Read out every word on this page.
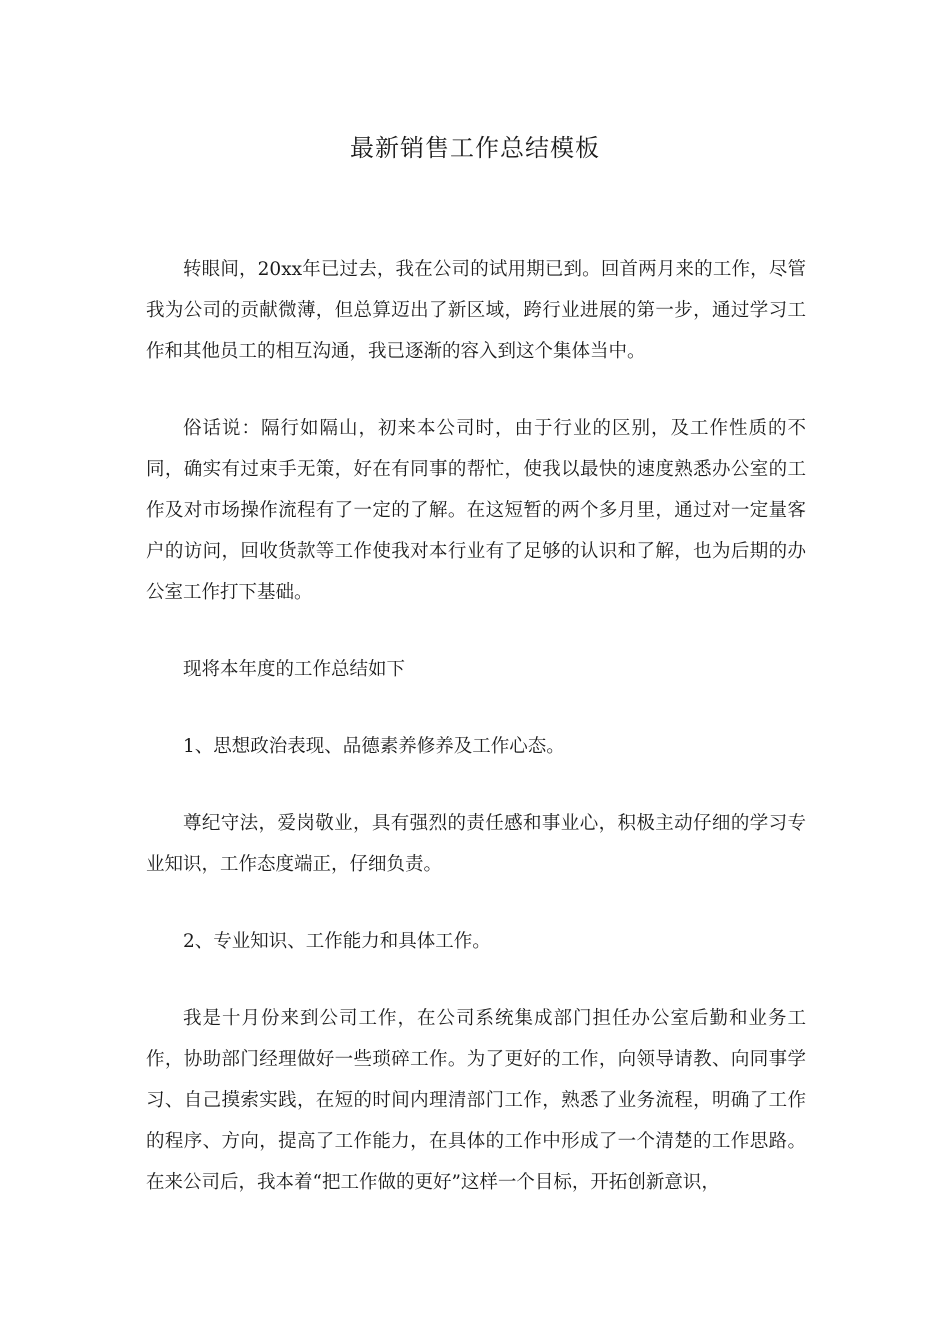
最新销售工作总结模板

转眼间，20xx年已过去，我在公司的试用期已到。回首两月来的工作，尽管我为公司的贡献微薄，但总算迈出了新区域，跨行业进展的第一步，通过学习工作和其他员工的相互沟通，我已逐渐的容入到这个集体当中。

俗话说：隔行如隔山，初来本公司时，由于行业的区别，及工作性质的不同，确实有过束手无策，好在有同事的帮忙，使我以最快的速度熟悉办公室的工作及对市场操作流程有了一定的了解。在这短暂的两个多月里，通过对一定量客户的访问，回收货款等工作使我对本行业有了足够的认识和了解，也为后期的办公室工作打下基础。

现将本年度的工作总结如下

1、思想政治表现、品德素养修养及工作心态。

尊纪守法，爱岗敬业，具有强烈的责任感和事业心，积极主动仔细的学习专业知识，工作态度端正，仔细负责。

2、专业知识、工作能力和具体工作。

我是十月份来到公司工作，在公司系统集成部门担任办公室后勤和业务工作，协助部门经理做好一些琐碎工作。为了更好的工作，向领导请教、向同事学习、自己摸索实践，在短的时间内理清部门工作，熟悉了业务流程，明确了工作的程序、方向，提高了工作能力，在具体的工作中形成了一个清楚的工作思路。在来公司后，我本着“把工作做的更好”这样一个目标，开拓创新意识，
